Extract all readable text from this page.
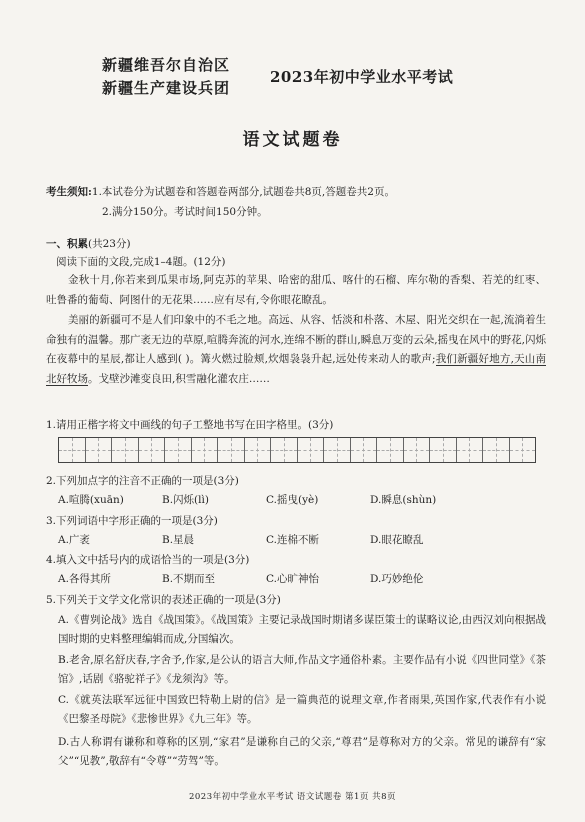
新疆维吾尔自治区
新疆生产建设兵团
2023年初中学业水平考试
语文试题卷
考生须知:1.本试卷分为试题卷和答题卷两部分,试题卷共8页,答题卷共2页。
2.满分150分。考试时间150分钟。
一、积累(共23分)
阅读下面的文段,完成1–4题。(12分)
金秋十月,你若来到瓜果市场,阿克苏的苹果、哈密的甜瓜、喀什的石榴、库尔勒的香梨、若羌的红枣、吐鲁番的葡萄、阿图什的无花果……应有尽有,令你眼花瞭乱。
美丽的新疆可不是人们印象中的不毛之地。高远、从容、恬淡和朴落、木屋、阳光交织在一起,流淌着生命独有的温馨。那广袤无边的草原,喧腾奔流的河水,连绵不断的群山,瞬息万变的云朵,摇曳在风中的野花,闪烁在夜幕中的星辰,都让人感到( )。篝火燃过脸颊,炊烟袅袅升起,远处传来动人的歌声;我们新疆好地方,天山南北好牧场。戈壁沙滩变良田,积雪融化灌农庄……
1.请用正楷字将文中画线的句子工整地书写在田字格里。(3分)
2.下列加点字的注音不正确的一项是(3分)
A.喧腾(xuān)	B.闪烁(lì)	C.摇曳(yè)	D.瞬息(shùn)
3.下列词语中字形正确的一项是(3分)
A.广袤	B.星晨	C.连棉不断	D.眼花瞭乱
4.填入文中括号内的成语恰当的一项是(3分)
A.各得其所	B.不期而至	C.心旷神怡	D.巧妙绝伦
5.下列关于文学文化常识的表述正确的一项是(3分)
A.《曹刿论战》选自《战国策》。《战国策》主要记录战国时期诸多谋臣策士的谋略议论,由西汉刘向根据战国时期的史料整理编辑而成,分国编次。
B.老舍,原名舒庆春,字舍予,作家,是公认的语言大师,作品文字通俗朴素。主要作品有小说《四世同堂》《茶馆》,话剧《骆驼祥子》《龙须沟》等。
C.《就英法联军远征中国致巴特勒上尉的信》是一篇典范的说理文章,作者雨果,英国作家,代表作有小说《巴黎圣母院》《悲惨世界》《九三年》等。
D.古人称谓有谦称和尊称的区别,“家君”是谦称自己的父亲,“尊君”是尊称对方的父亲。常见的谦辞有“家父”“见教”,敬辞有“令尊”“劳驾”等。
2023年初中学业水平考试 语文试题卷 第1页 共8页
